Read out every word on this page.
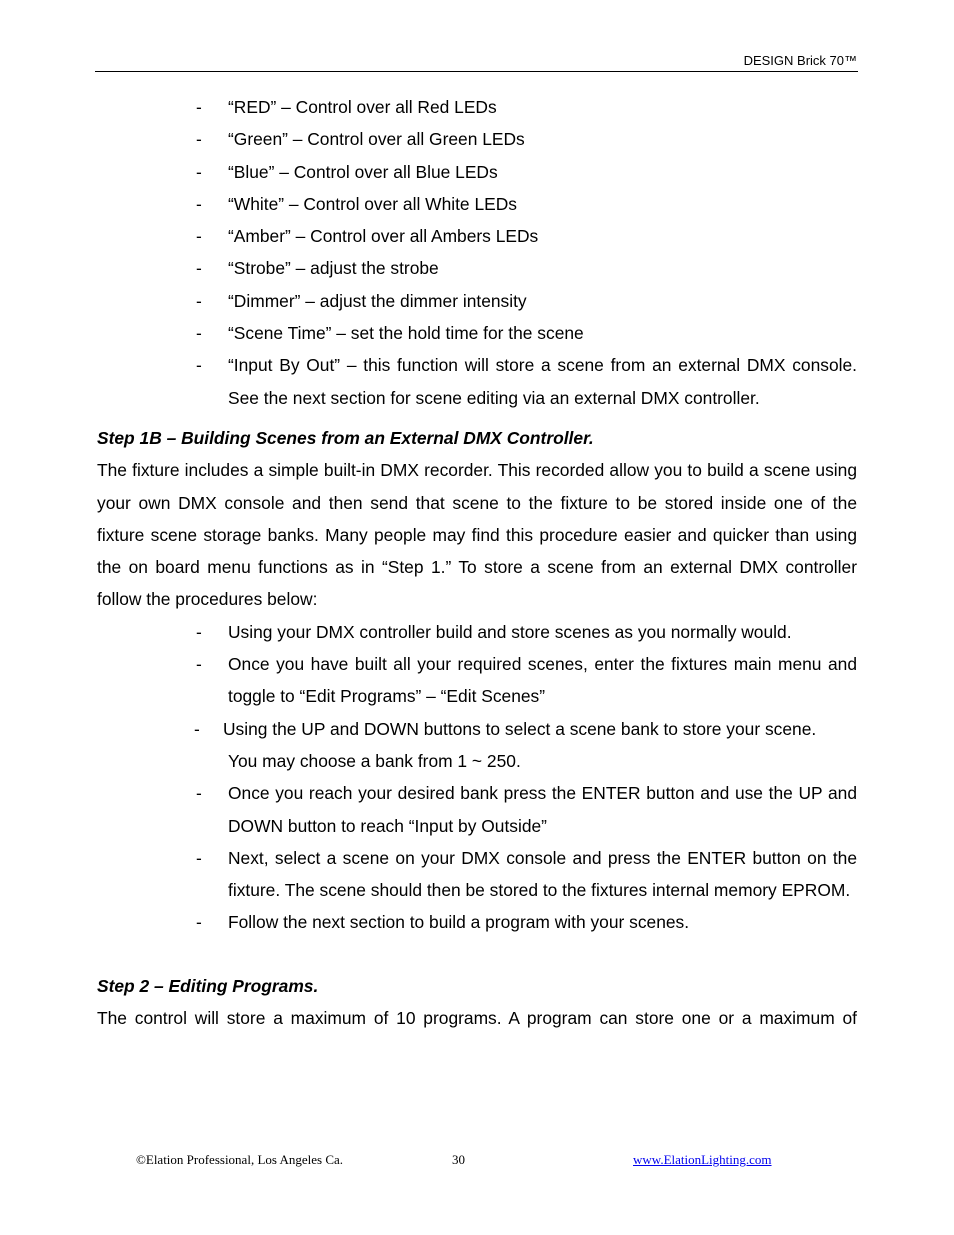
DESIGN Brick 70™
- “RED” – Control over all Red LEDs
- “Green” – Control over all Green LEDs
- “Blue” – Control over all Blue LEDs
- “White” – Control over all White LEDs
- “Amber” – Control over all Ambers LEDs
- “Strobe” – adjust the strobe
- “Dimmer” – adjust the dimmer intensity
- “Scene Time” – set the hold time for the scene
- “Input By Out” – this function will store a scene from an external DMX console. See the next section for scene editing via an external DMX controller.
Step 1B – Building Scenes from an External DMX Controller.
The fixture includes a simple built-in DMX recorder. This recorded allow you to build a scene using your own DMX console and then send that scene to the fixture to be stored inside one of the fixture scene storage banks. Many people may find this procedure easier and quicker than using the on board menu functions as in “Step 1.” To store a scene from an external DMX controller follow the procedures below:
- Using your DMX controller build and store scenes as you normally would.
- Once you have built all your required scenes, enter the fixtures main menu and toggle to “Edit Programs” – “Edit Scenes”
- Using the UP and DOWN buttons to select a scene bank to store your scene.
You may choose a bank from 1 ~ 250.
- Once you reach your desired bank press the ENTER button and use the UP and DOWN button to reach “Input by Outside”
- Next, select a scene on your DMX console and press the ENTER button on the fixture. The scene should then be stored to the fixtures internal memory EPROM.
- Follow the next section to build a program with your scenes.
Step 2 – Editing Programs.
The control will store a maximum of 10 programs. A program can store one or a maximum of
©Elation Professional, Los Angeles Ca.	30	www.ElationLighting.com
